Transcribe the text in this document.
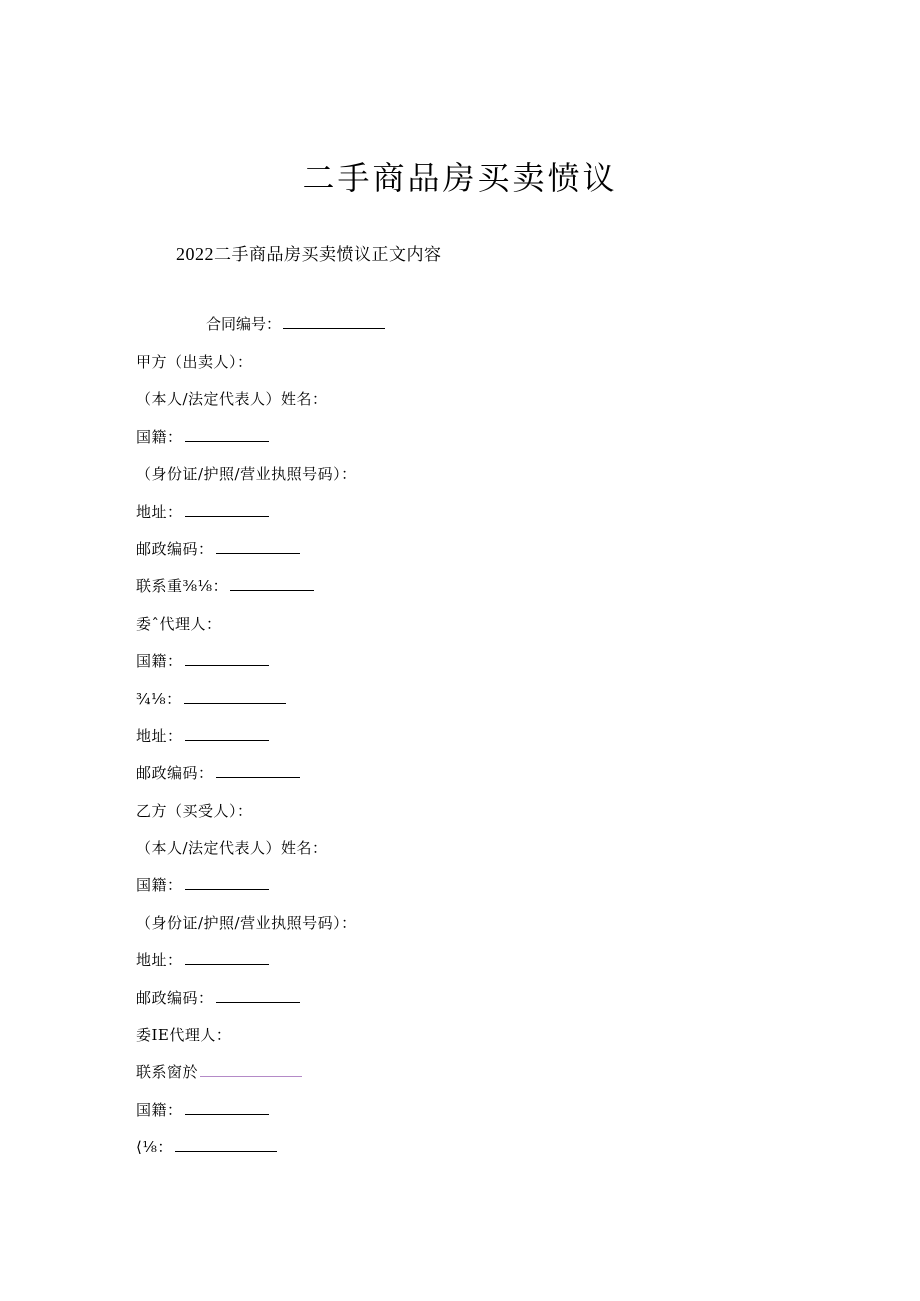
二手商品房买卖愤议

2022二手商品房买卖愤议正文内容

合同编号：
甲方（出卖人）：
（本人/法定代表人）姓名：
国籍：
（身份证/护照/营业执照号码）：
地址：
邮政编码：
联系重⅜⅛：
委ˆ代理人：
国籍：
¾⅛：
地址：
邮政编码：
乙方（买受人）：
（本人/法定代表人）姓名：
国籍：
（身份证/护照/营业执照号码）：
地址：
邮政编码：
委IE代理人：
联系窗於
国籍：
⟨⅛：
